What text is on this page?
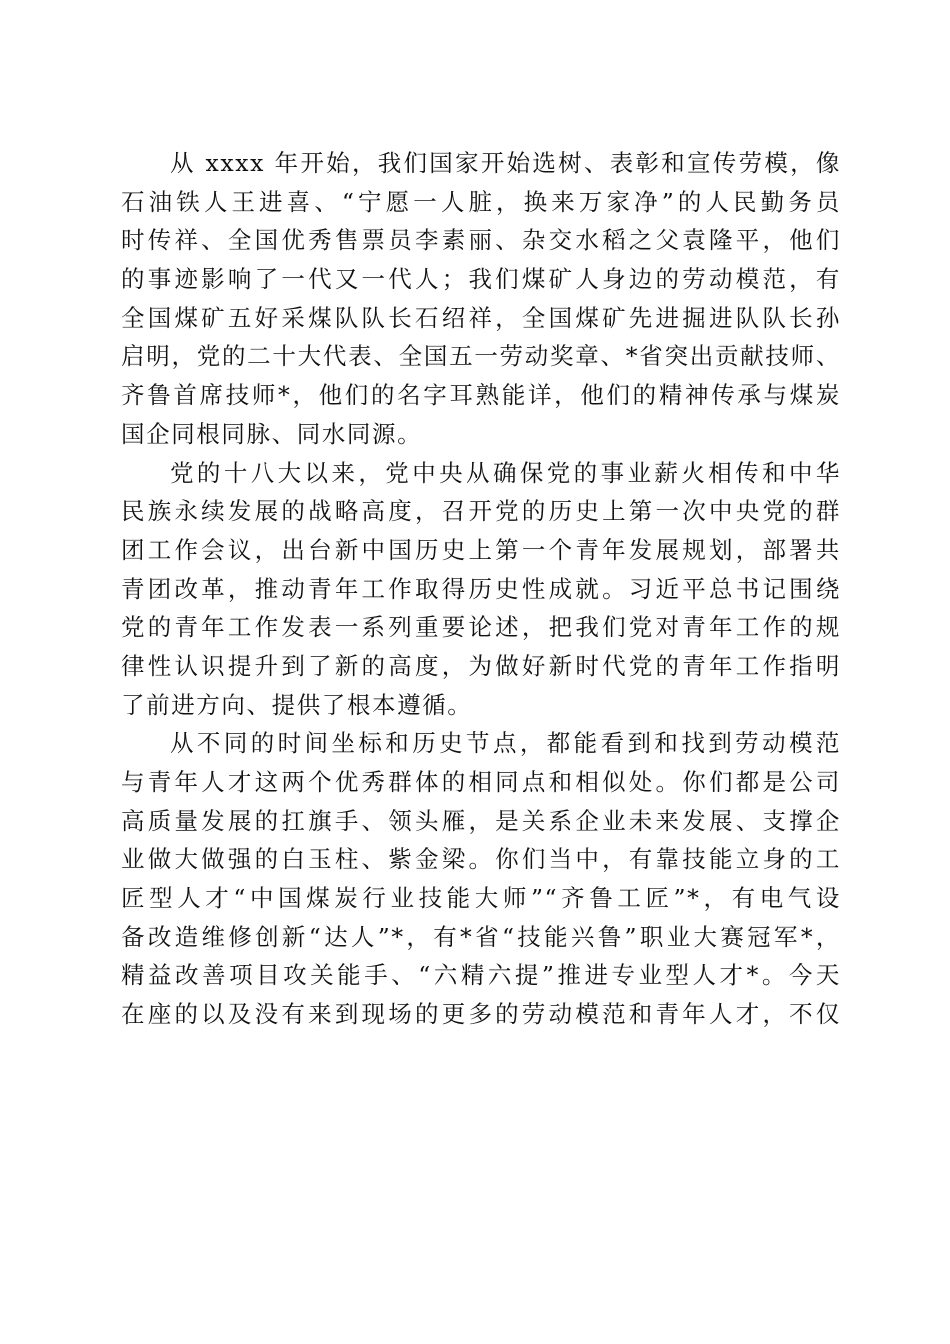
从 xxxx 年开始，我们国家开始选树、表彰和宣传劳模，像
石油铁人王进喜、“宁愿一人脏，换来万家净”的人民勤务员
时传祥、全国优秀售票员李素丽、杂交水稻之父袁隆平，他们
的事迹影响了一代又一代人；我们煤矿人身边的劳动模范，有
全国煤矿五好采煤队队长石绍祥，全国煤矿先进掘进队队长孙
启明，党的二十大代表、全国五一劳动奖章、*省突出贡献技师、
齐鲁首席技师*，他们的名字耳熟能详，他们的精神传承与煤炭
国企同根同脉、同水同源。
党的十八大以来，党中央从确保党的事业薪火相传和中华
民族永续发展的战略高度，召开党的历史上第一次中央党的群
团工作会议，出台新中国历史上第一个青年发展规划，部署共
青团改革，推动青年工作取得历史性成就。习近平总书记围绕
党的青年工作发表一系列重要论述，把我们党对青年工作的规
律性认识提升到了新的高度，为做好新时代党的青年工作指明
了前进方向、提供了根本遵循。
从不同的时间坐标和历史节点，都能看到和找到劳动模范
与青年人才这两个优秀群体的相同点和相似处。你们都是公司
高质量发展的扛旗手、领头雁，是关系企业未来发展、支撑企
业做大做强的白玉柱、紫金梁。你们当中，有靠技能立身的工
匠型人才“中国煤炭行业技能大师”“齐鲁工匠”*，有电气设
备改造维修创新“达人”*，有*省“技能兴鲁”职业大赛冠军*，
精益改善项目攻关能手、“六精六提”推进专业型人才*。今天
在座的以及没有来到现场的更多的劳动模范和青年人才，不仅
